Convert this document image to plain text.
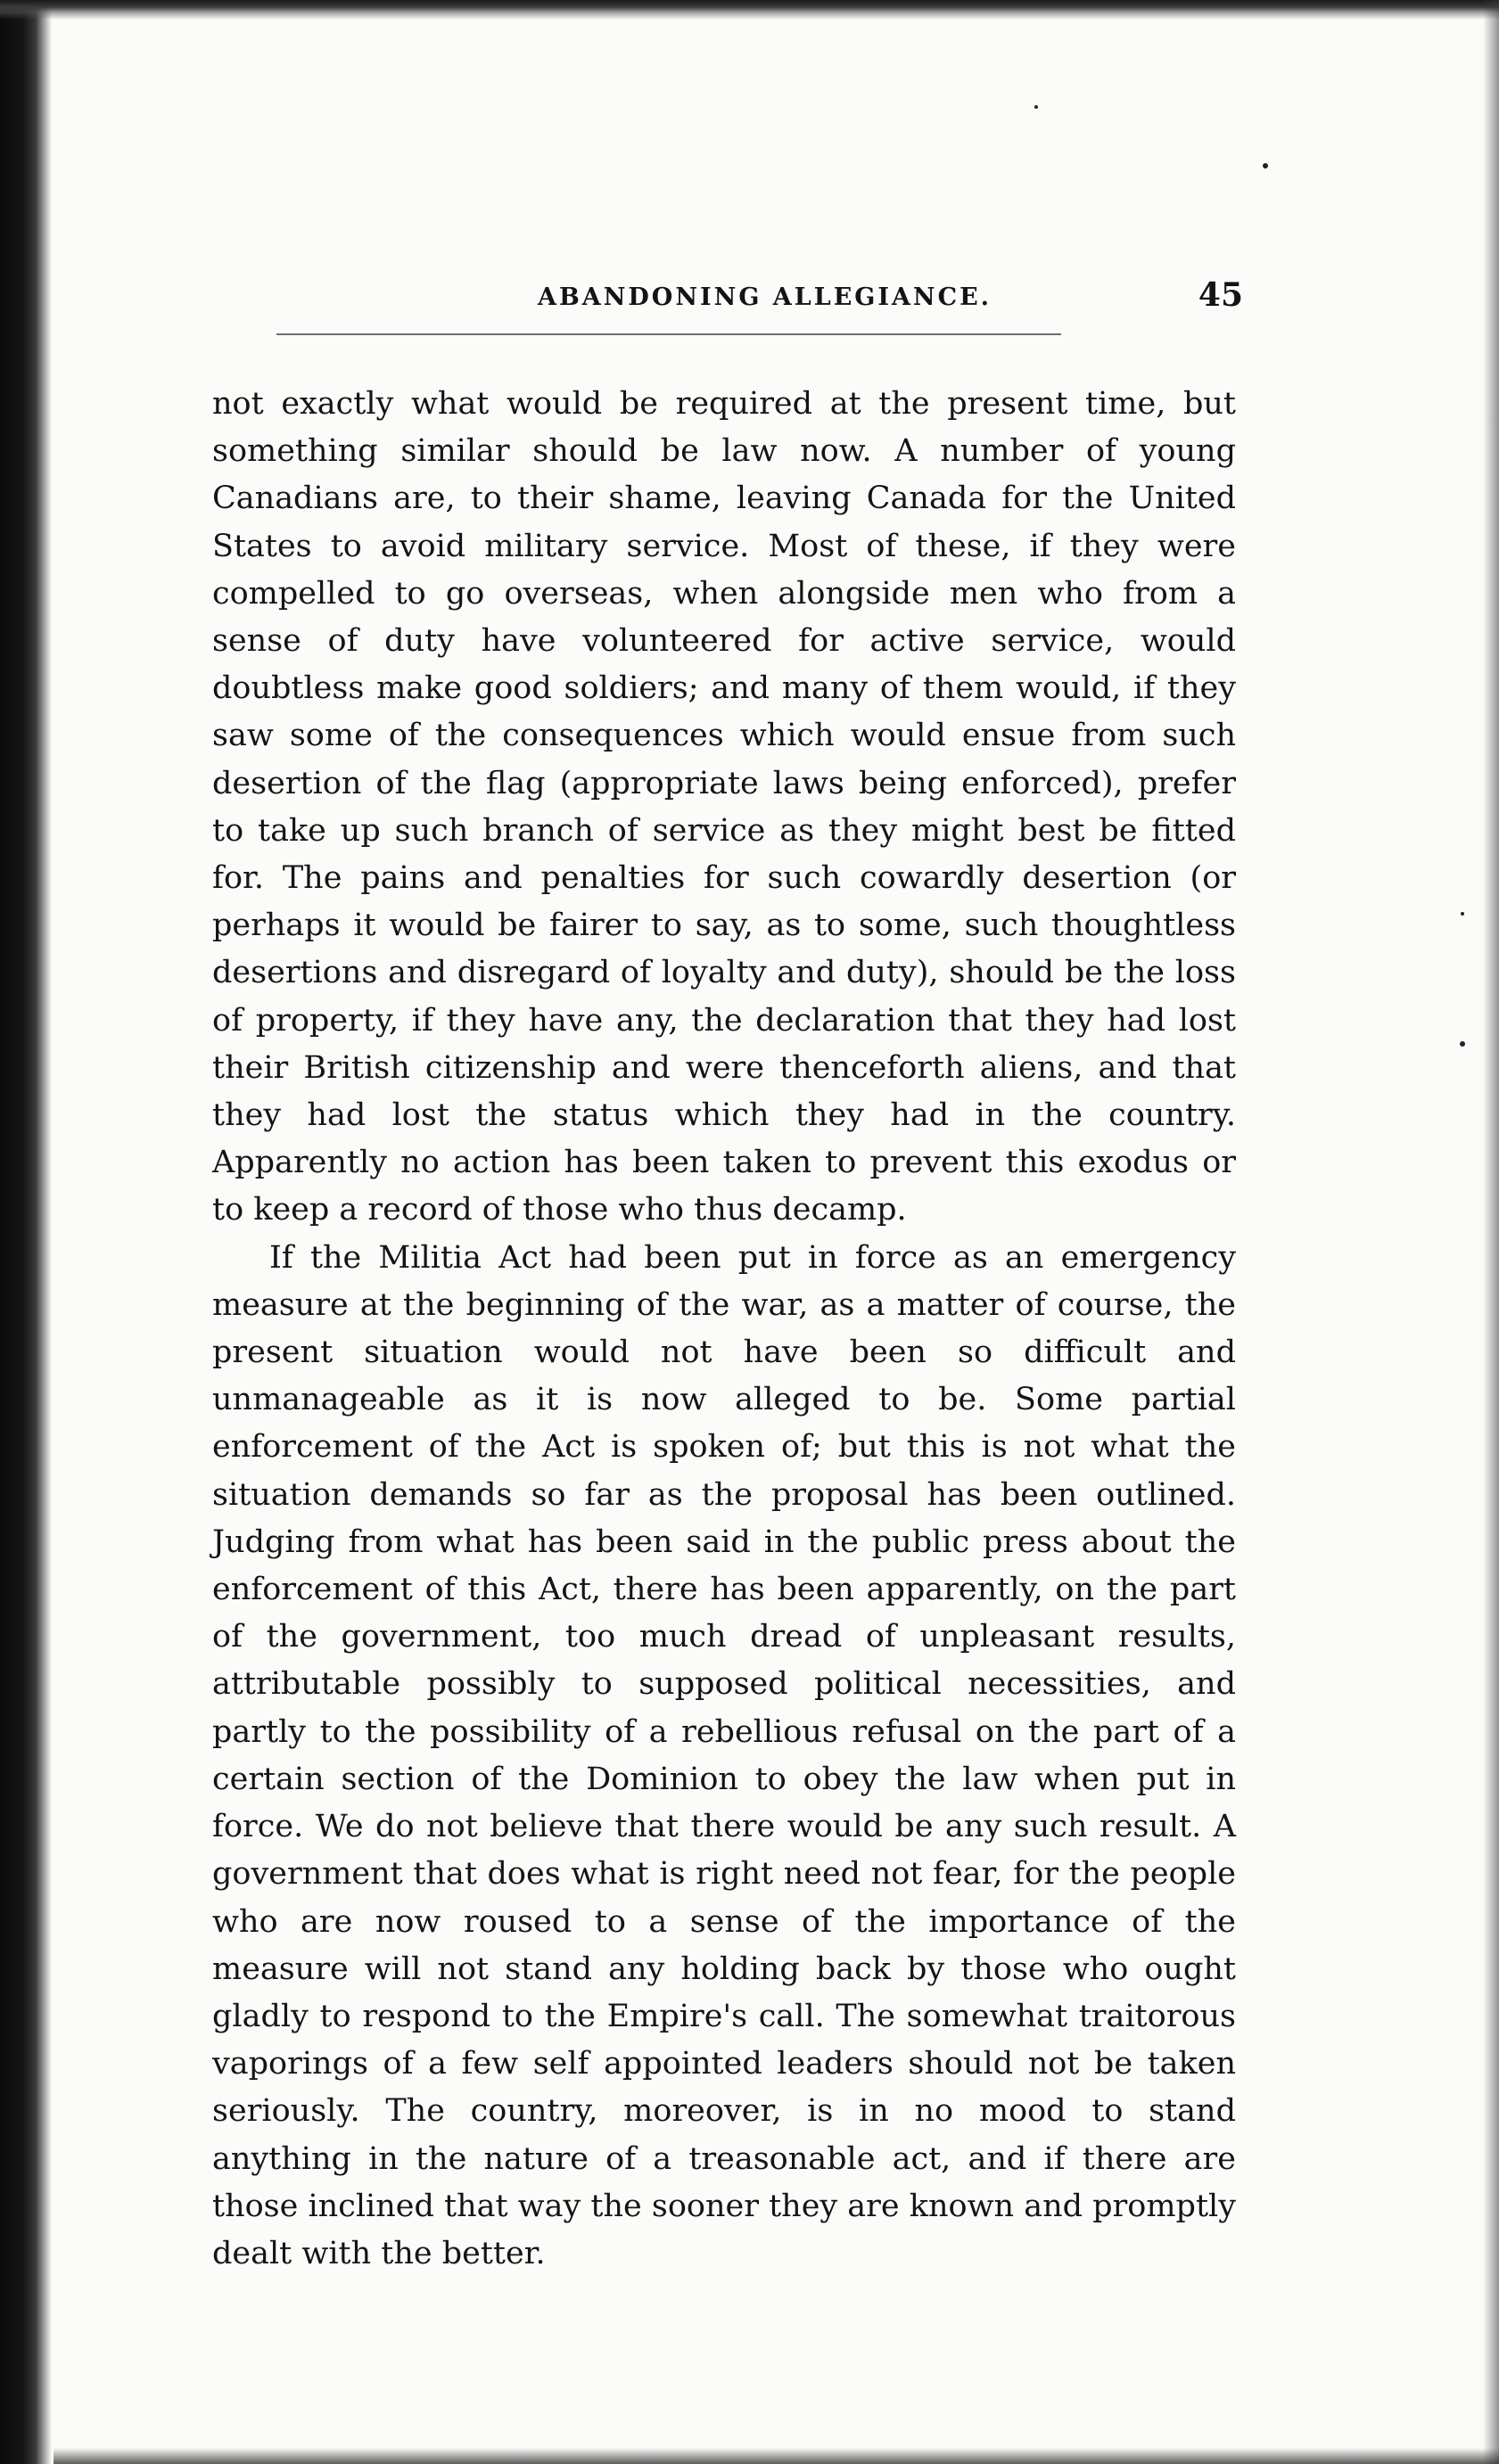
ABANDONING ALLEGIANCE.	45

not exactly what would be required at the present time, but something similar should be law now. A number of young Canadians are, to their shame, leaving Canada for the United States to avoid military service. Most of these, if they were compelled to go overseas, when alongside men who from a sense of duty have volunteered for active service, would doubtless make good soldiers; and many of them would, if they saw some of the consequences which would ensue from such desertion of the flag (appropriate laws being enforced), prefer to take up such branch of service as they might best be fitted for. The pains and penalties for such cowardly desertion (or perhaps it would be fairer to say, as to some, such thoughtless desertions and disregard of loyalty and duty), should be the loss of property, if they have any, the declaration that they had lost their British citizenship and were thenceforth aliens, and that they had lost the status which they had in the country. Apparently no action has been taken to prevent this exodus or to keep a record of those who thus decamp.

If the Militia Act had been put in force as an emergency measure at the beginning of the war, as a matter of course, the present situation would not have been so difficult and unmanageable as it is now alleged to be. Some partial enforcement of the Act is spoken of; but this is not what the situation demands so far as the proposal has been outlined. Judging from what has been said in the public press about the enforcement of this Act, there has been apparently, on the part of the government, too much dread of unpleasant results, attributable possibly to supposed political necessities, and partly to the possibility of a rebellious refusal on the part of a certain section of the Dominion to obey the law when put in force. We do not believe that there would be any such result. A government that does what is right need not fear, for the people who are now roused to a sense of the importance of the measure will not stand any holding back by those who ought gladly to respond to the Empire's call. The somewhat traitorous vaporings of a few self appointed leaders should not be taken seriously. The country, moreover, is in no mood to stand anything in the nature of a treasonable act, and if there are those inclined that way the sooner they are known and promptly dealt with the better.
